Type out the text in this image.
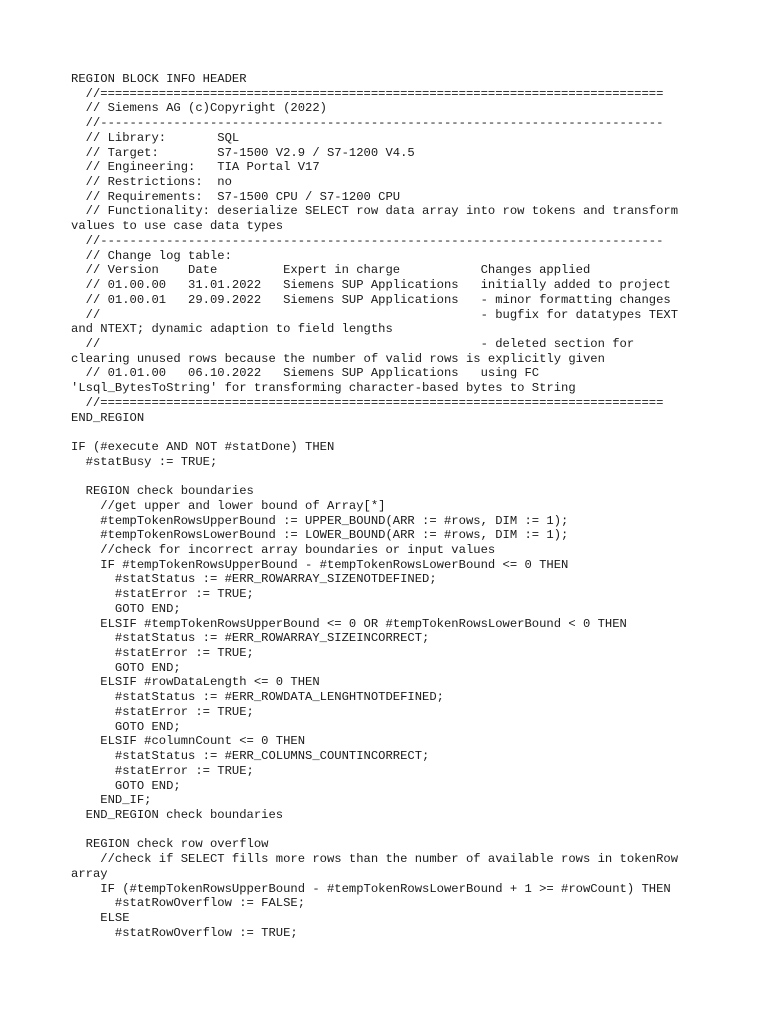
REGION BLOCK INFO HEADER
//=============================================================================
// Siemens AG (c)Copyright (2022)
//-----------------------------------------------------------------------------
// Library:       SQL
// Target:        S7-1500 V2.9 / S7-1200 V4.5
// Engineering:   TIA Portal V17
// Restrictions:  no
// Requirements:  S7-1500 CPU / S7-1200 CPU
// Functionality: deserialize SELECT row data array into row tokens and transform
values to use case data types
//-----------------------------------------------------------------------------
// Change log table:
// Version    Date         Expert in charge           Changes applied
// 01.00.00   31.01.2022   Siemens SUP Applications   initially added to project
// 01.00.01   29.09.2022   Siemens SUP Applications   - minor formatting changes
//                                                    - bugfix for datatypes TEXT
and NTEXT; dynamic adaption to field lengths
//                                                    - deleted section for
clearing unused rows because the number of valid rows is explicitly given
// 01.01.00   06.10.2022   Siemens SUP Applications   using FC
'Lsql_BytesToString' for transforming character-based bytes to String
//=============================================================================
END_REGION
IF (#execute AND NOT #statDone) THEN
#statBusy := TRUE;
REGION check boundaries
//get upper and lower bound of Array[*]
#tempTokenRowsUpperBound := UPPER_BOUND(ARR := #rows, DIM := 1);
#tempTokenRowsLowerBound := LOWER_BOUND(ARR := #rows, DIM := 1);
//check for incorrect array boundaries or input values
IF #tempTokenRowsUpperBound - #tempTokenRowsLowerBound <= 0 THEN
#statStatus := #ERR_ROWARRAY_SIZENOTDEFINED;
#statError := TRUE;
GOTO END;
ELSIF #tempTokenRowsUpperBound <= 0 OR #tempTokenRowsLowerBound < 0 THEN
#statStatus := #ERR_ROWARRAY_SIZEINCORRECT;
#statError := TRUE;
GOTO END;
ELSIF #rowDataLength <= 0 THEN
#statStatus := #ERR_ROWDATA_LENGHTNOTDEFINED;
#statError := TRUE;
GOTO END;
ELSIF #columnCount <= 0 THEN
#statStatus := #ERR_COLUMNS_COUNTINCORRECT;
#statError := TRUE;
GOTO END;
END_IF;
END_REGION check boundaries
REGION check row overflow
//check if SELECT fills more rows than the number of available rows in tokenRow
array
IF (#tempTokenRowsUpperBound - #tempTokenRowsLowerBound + 1 >= #rowCount) THEN
#statRowOverflow := FALSE;
ELSE
#statRowOverflow := TRUE;
